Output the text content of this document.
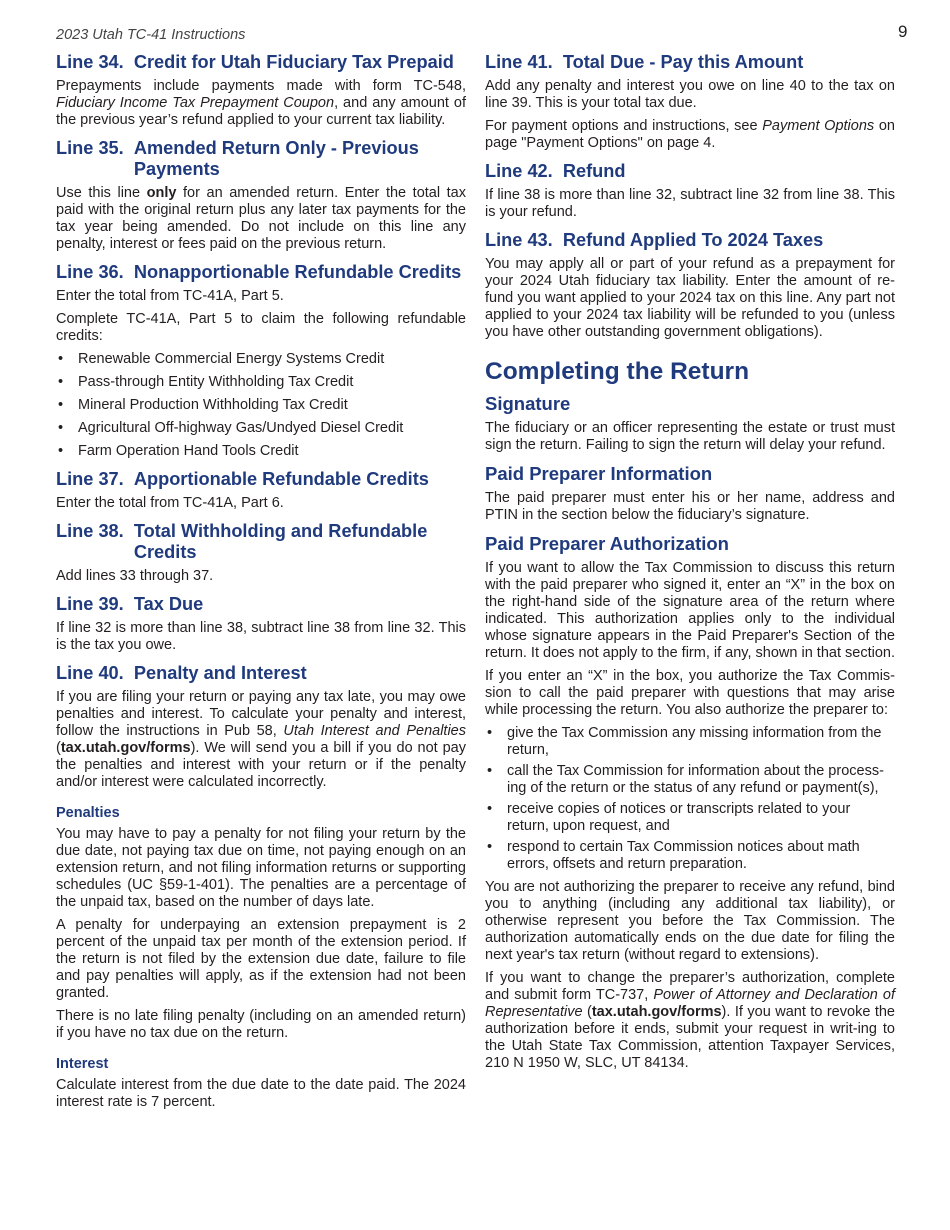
2023 Utah TC-41 Instructions	9
Line 34. Credit for Utah Fiduciary Tax Prepaid

Prepayments include payments made with form TC-548, Fiduciary Income Tax Prepayment Coupon, and any amount of the previous year’s refund applied to your current tax liability.

Line 35. Amended Return Only - Previous Payments

Use this line only for an amended return. Enter the total tax paid with the original return plus any later tax payments for the tax year being amended. Do not include on this line any penalty, interest or fees paid on the previous return.

Line 36. Nonapportionable Refundable Credits

Enter the total from TC-41A, Part 5.

Complete TC-41A, Part 5 to claim the following refundable credits:

• Renewable Commercial Energy Systems Credit
• Pass-through Entity Withholding Tax Credit
• Mineral Production Withholding Tax Credit
• Agricultural Off-highway Gas/Undyed Diesel Credit
• Farm Operation Hand Tools Credit
Line 37. Apportionable Refundable Credits

Enter the total from TC-41A, Part 6.

Line 38. Total Withholding and Refundable Credits

Add lines 33 through 37.

Line 39. Tax Due

If line 32 is more than line 38, subtract line 38 from line 32. This is the tax you owe.

Line 40. Penalty and Interest

If you are filing your return or paying any tax late, you may owe penalties and interest. To calculate your penalty and interest, follow the instructions in Pub 58, Utah Interest and Penalties (tax.utah.gov/forms). We will send you a bill if you do not pay the penalties and interest with your return or if the penalty and/or interest were calculated incorrectly.

Penalties

You may have to pay a penalty for not filing your return by the due date, not paying tax due on time, not paying enough on an extension return, and not filing information returns or supporting schedules (UC §59-1-401). The penalties are a percentage of the unpaid tax, based on the number of days late.

A penalty for underpaying an extension prepayment is 2 percent of the unpaid tax per month of the extension period. If the return is not filed by the extension due date, failure to file and pay penalties will apply, as if the extension had not been granted.

There is no late filing penalty (including on an amended return) if you have no tax due on the return.

Interest

Calculate interest from the due date to the date paid. The 2024 interest rate is 7 percent.

Line 41. Total Due - Pay this Amount

Add any penalty and interest you owe on line 40 to the tax on line 39. This is your total tax due.

For payment options and instructions, see Payment Options on page "Payment Options" on page 4.

Line 42. Refund

If line 38 is more than line 32, subtract line 32 from line 38. This is your refund.

Line 43. Refund Applied To 2024 Taxes

You may apply all or part of your refund as a prepayment for your 2024 Utah fiduciary tax liability. Enter the amount of re-fund you want applied to your 2024 tax on this line. Any part not applied to your 2024 tax liability will be refunded to you (unless you have other outstanding government obligations).

Completing the Return
Signature

The fiduciary or an officer representing the estate or trust must sign the return. Failing to sign the return will delay your refund.

Paid Preparer Information

The paid preparer must enter his or her name, address and PTIN in the section below the fiduciary’s signature.

Paid Preparer Authorization

If you want to allow the Tax Commission to discuss this return with the paid preparer who signed it, enter an “X” in the box on the right-hand side of the signature area of the return where indicated. This authorization applies only to the individual whose signature appears in the Paid Preparer's Section of the return. It does not apply to the firm, if any, shown in that section.

If you enter an “X” in the box, you authorize the Tax Commis-sion to call the paid preparer with questions that may arise while processing the return. You also authorize the preparer to:

• give the Tax Commission any missing information from the return,
• call the Tax Commission for information about the process-ing of the return or the status of any refund or payment(s),
• receive copies of notices or transcripts related to your return, upon request, and
• respond to certain Tax Commission notices about math errors, offsets and return preparation.

You are not authorizing the preparer to receive any refund, bind you to anything (including any additional tax liability), or otherwise represent you before the Tax Commission. The authorization automatically ends on the due date for filing the next year's tax return (without regard to extensions).

If you want to change the preparer’s authorization, complete and submit form TC-737, Power of Attorney and Declaration of Representative (tax.utah.gov/forms). If you want to revoke the authorization before it ends, submit your request in writ-ing to the Utah State Tax Commission, attention Taxpayer Services, 210 N 1950 W, SLC, UT 84134.
